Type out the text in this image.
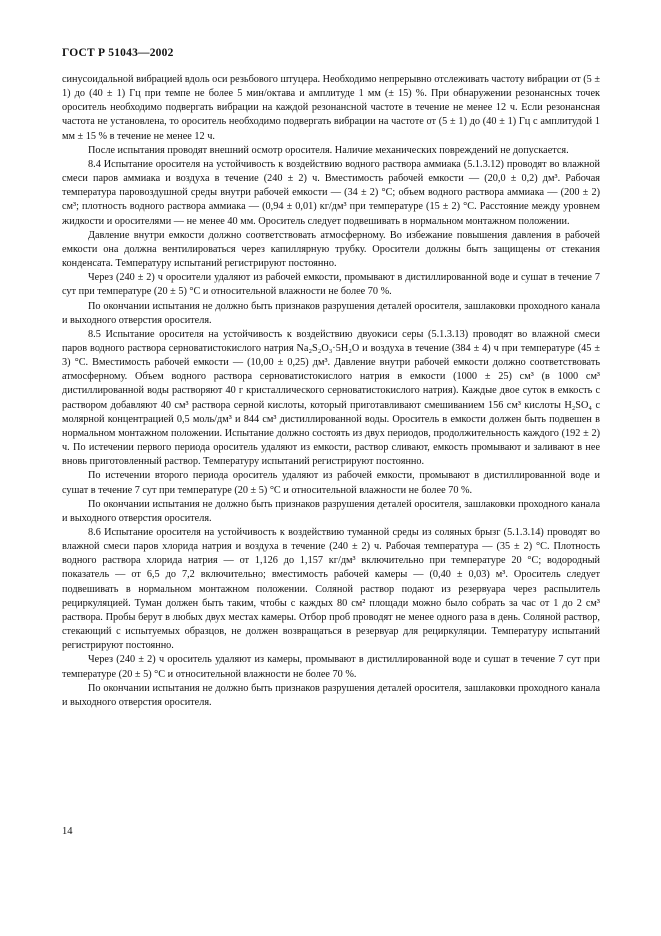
ГОСТ Р 51043—2002

синусоидальной вибрацией вдоль оси резьбового штуцера. Необходимо непрерывно отслеживать частоту вибрации от (5 ± 1) до (40 ± 1) Гц при темпе не более 5 мин/октава и амплитуде 1 мм (± 15) %. При обнаружении резонансных точек ороситель необходимо подвергать вибрации на каждой резонансной частоте в течение не менее 12 ч. Если резонансная частота не установлена, то ороситель необходимо подвергать вибрации на частоте от (5 ± 1) до (40 ± 1) Гц с амплитудой 1 мм ± 15 % в течение не менее 12 ч.

После испытания проводят внешний осмотр оросителя. Наличие механических повреждений не допускается.

8.4 Испытание оросителя на устойчивость к воздействию водного раствора аммиака (5.1.3.12) проводят во влажной смеси паров аммиака и воздуха в течение (240 ± 2) ч. Вместимость рабочей емкости — (20,0 ± 0,2) дм³. Рабочая температура паровоздушной среды внутри рабочей емкости — (34 ± 2) °С; объем водного раствора аммиака — (200 ± 2) см³; плотность водного раствора аммиака — (0,94 ± 0,01) кг/дм³ при температуре (15 ± 2) °С. Расстояние между уровнем жидкости и оросителями — не менее 40 мм. Ороситель следует подвешивать в нормальном монтажном положении.

Давление внутри емкости должно соответствовать атмосферному. Во избежание повышения давления в рабочей емкости она должна вентилироваться через капиллярную трубку. Оросители должны быть защищены от стекания конденсата. Температуру испытаний регистрируют постоянно.

Через (240 ± 2) ч оросители удаляют из рабочей емкости, промывают в дистиллированной воде и сушат в течение 7 сут при температуре (20 ± 5) °С и относительной влажности не более 70 %.

По окончании испытания не должно быть признаков разрушения деталей оросителя, зашлаковки проходного канала и выходного отверстия оросителя.

8.5 Испытание оросителя на устойчивость к воздействию двуокиси серы (5.1.3.13) проводят во влажной смеси паров водного раствора серноватистокислого натрия Na₂S₂O₃·5H₂O и воздуха в течение (384 ± 4) ч при температуре (45 ± 3) °С. Вместимость рабочей емкости — (10,00 ± 0,25) дм³. Давление внутри рабочей емкости должно соответствовать атмосферному. Объем водного раствора серноватистокислого натрия в емкости (1000 ± 25) см³ (в 1000 см³ дистиллированной воды растворяют 40 г кристаллического серноватистокислого натрия). Каждые двое суток в емкость с раствором добавляют 40 см³ раствора серной кислоты, который приготавливают смешиванием 156 см³ кислоты H₂SO₄ с молярной концентрацией 0,5 моль/дм³ и 844 см³ дистиллированной воды. Ороситель в емкости должен быть подвешен в нормальном монтажном положении. Испытание должно состоять из двух периодов, продолжительность каждого (192 ± 2) ч. По истечении первого периода ороситель удаляют из емкости, раствор сливают, емкость промывают и заливают в нее вновь приготовленный раствор. Температуру испытаний регистрируют постоянно.

По истечении второго периода ороситель удаляют из рабочей емкости, промывают в дистиллированной воде и сушат в течение 7 сут при температуре (20 ± 5) °С и относительной влажности не более 70 %.

По окончании испытания не должно быть признаков разрушения деталей оросителя, зашлаковки проходного канала и выходного отверстия оросителя.

8.6 Испытание оросителя на устойчивость к воздействию туманной среды из соляных брызг (5.1.3.14) проводят во влажной смеси паров хлорида натрия и воздуха в течение (240 ± 2) ч. Рабочая температура — (35 ± 2) °С. Плотность водного раствора хлорида натрия — от 1,126 до 1,157 кг/дм³ включительно при температуре 20 °С; водородный показатель — от 6,5 до 7,2 включительно; вместимость рабочей камеры — (0,40 ± 0,03) м³. Ороситель следует подвешивать в нормальном монтажном положении. Соляной раствор подают из резервуара через распылитель рециркуляцией. Туман должен быть таким, чтобы с каждых 80 см² площади можно было собрать за час от 1 до 2 см³ раствора. Пробы берут в любых двух местах камеры. Отбор проб проводят не менее одного раза в день. Соляной раствор, стекающий с испытуемых образцов, не должен возвращаться в резервуар для рециркуляции. Температуру испытаний регистрируют постоянно.

Через (240 ± 2) ч ороситель удаляют из камеры, промывают в дистиллированной воде и сушат в течение 7 сут при температуре (20 ± 5) °С и относительной влажности не более 70 %.

По окончании испытания не должно быть признаков разрушения деталей оросителя, зашлаковки проходного канала и выходного отверстия оросителя.

14
